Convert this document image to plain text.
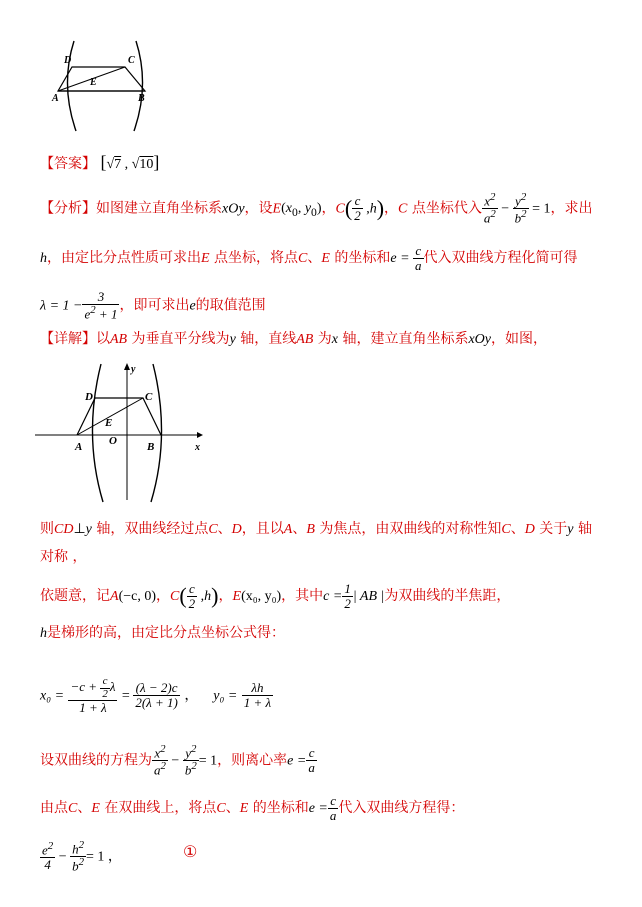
D	C
E
A	B
【答案】 [√7 , √10]
【分析】如图建立直角坐标系xOy，设$E(x_0$, $y_0$)，$C( \frac{c}{2} ,h)$，C 点坐标代入 $\frac{x^2}{a^2} - \frac{y^2}{b^2} = 1$，求出
h，由定比分点性质可求出E 点坐标，将点C、E 的坐标和$e = \frac{c}{a}$ 代入双曲线方程化简可得
$\lambda = 1 - \frac{3}{e^2 + 1}$ ，即可求出e的取值范围
【详解】以AB 为垂直平分线为y 轴，直线AB 为x 轴，建立直角坐标系xOy，如图，
y
x
D	C
E
A O	B
则CD⊥y 轴，双曲线经过点C、D，且以A、B 为焦点，由双曲线的对称性知C、D 关于y 轴
对称 ，
依题意，记A(−c, 0)，$C( \frac{c}{2} ,h)$，E(x₀, y₀)，其中$c = \frac{1}{2}$ | AB |为双曲线的半焦距，
h是梯形的高，由定比分点坐标公式得：
$x_0 = \frac{-c + \frac{c}{2} \lambda}{1 + \lambda} = \frac{(\lambda - 2)c}{2(\lambda + 1)}$ ，    $y_0 = \frac{\lambda h}{1 + \lambda}$
设双曲线的方程为 $\frac{x^2}{a^2} - \frac{y^2}{b^2} = 1$，则离心率$e = \frac{c}{a}$
由点C、E 在双曲线上，将点C、E 的坐标和$e = \frac{c}{a}$ 代入双曲线方程得：
$\frac{e^2}{4} - \frac{h^2}{b^2} = 1$ ，	①
